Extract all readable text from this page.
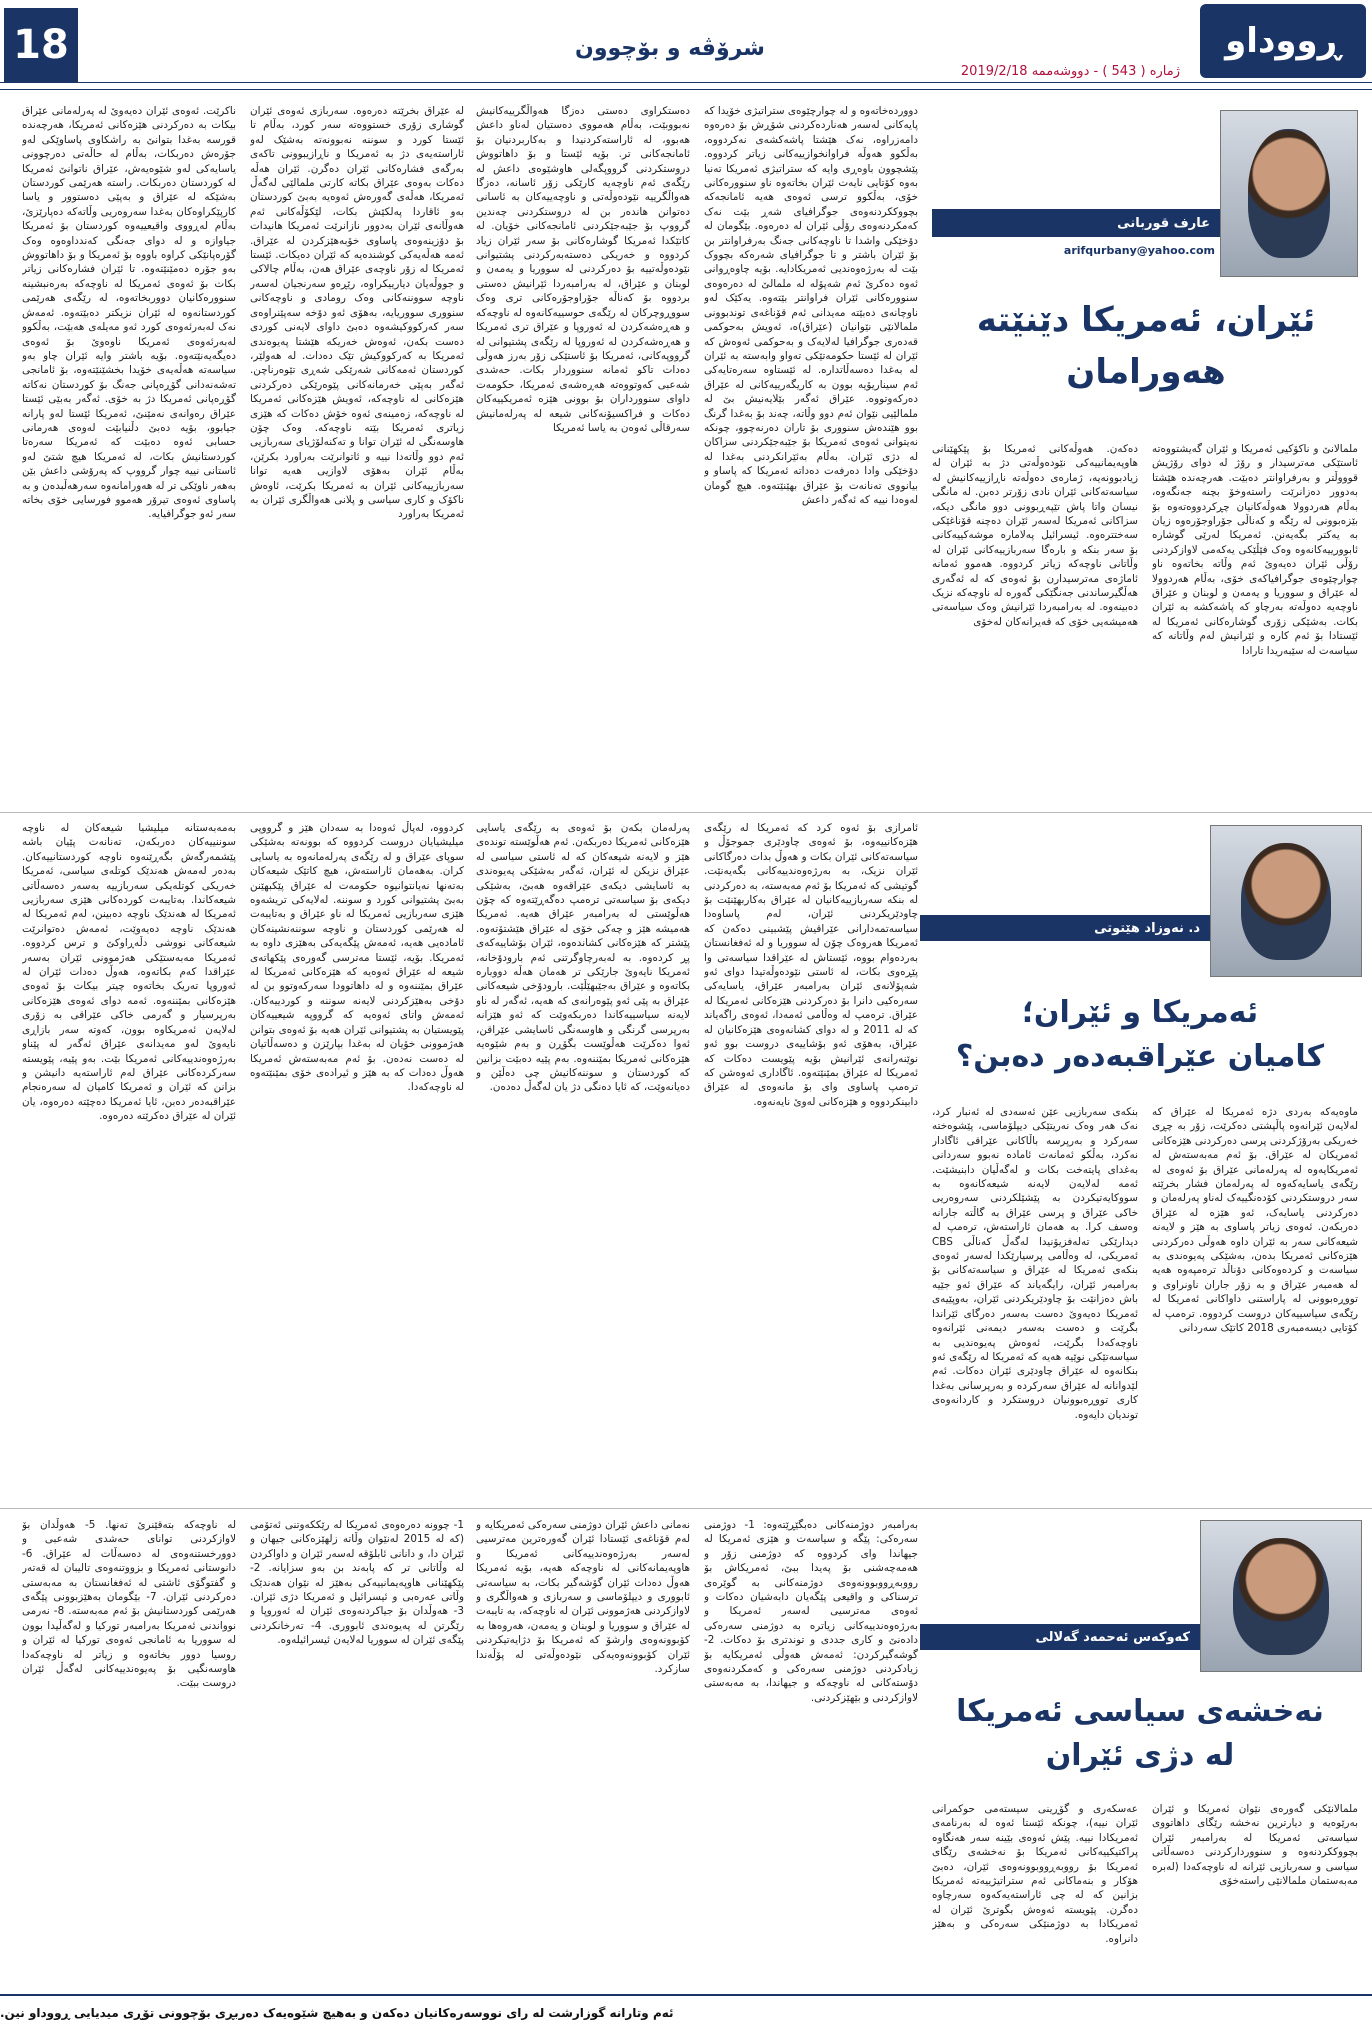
18	شرۆڤە و بۆچوون
ژمارە ( 543 ) - دووشەممە 2019/2/18
ڕووداو
عارف قوربانی
arifqurbany@yahoo.com
ئێران، ئەمریکا دێنێتە
هەورامان
ملمالانێ و ناکۆکیی ئەمریکا و ئێران گەیشتووەتە ئاستێکی مەترسیدار و رۆژ لە دوای رۆژیش قوووڵتر و بەرفراوانتر دەبێت. هەرچەندە هێشتا بەدوور دەزانرێت راستەوخۆ بچنە جەنگەوە، بەڵام هەردوولا هەوڵەکانیان چڕکردووەتەوە بۆ بێزەبوونی لە رێگە و کەناڵی جۆراوجۆرەوە زیان بە یەکتر بگەیەنن. ئەمریکا لەرێی گوشارە ئابوورییەکانەوە وەک فێڵێکی یەکەمی لاوازکردنی رۆڵی ئێران دەیەوێ ئەم وڵاتە بخاتەوە ناو چوارچێوەی جوگرافیاکەی خۆی، بەڵام هەردوولا لە عێراق و سووریا و یەمەن و لوبنان و عێراق ناوچەیە دەوڵەتە بەرچاو کە پاشەکشە بە ئێران بکات. بەشێکی زۆری گوشارەکانی ئەمریکا لە ئێستادا بۆ ئەم کارە و ئێرانیش لەم وڵاتانە کە سیاسەت لە سێبەریدا تارادا
دەکەن. هەوڵەکانی ئەمریکا بۆ پێکهێنانی هاوپەیمانییەکی نێودەوڵەتی دژ بە ئێران لە زیادبوونەیە، ژمارەی دەوڵەتە ناڕازییەکانیش لە سیاسەتەکانی ئێران نادی زۆرتر دەبن. لە مانگی نیسان واتا پاش تێپەڕبوونی دوو مانگی دیکە، سزاکانی ئەمریکا لەسەر ئێران دەچنە قۆناغێکی سەختترەوە. ئیسرائیل پەلامارە موشەکییەکانی بۆ سەر بنکە و بارەگا سەربازییەکانی ئێران لە وڵاتانی ناوچەکە زیاتر کردووە. هەموو ئەمانە ئاماژەی مەترسیدارن بۆ ئەوەی کە لە ئەگەری هەڵگیرساندنی جەنگێکی گەورە لە ناوچەکە نزیک دەبینەوە. لە بەرامبەردا ئێرانیش وەک سیاسەتی هەمیشەیی خۆی کە قەیرانەکان لەخۆی
دووردەخاتەوە و لە چوارچێوەی ستراتیژی خۆیدا کە پایەکانی لەسەر هەناردەکردنی شۆڕش بۆ دەرەوە دامەزراوە، نەک هێشتا پاشەکشەی نەکردووە، بەڵکوو هەوڵە فراوانخوازییەکانی زیاتر کردووە. پێشچوون باوەڕی وایە کە ستراتیژی ئەمریکا تەنیا بەوە کۆتایی نایەت ئێران بخاتەوە ناو سنوورەکانی خۆی، بەڵکوو ترسی ئەوەی هەیە ئامانجەکە بچووککردنەوەی جوگرافیای شەڕ بێت نەک کەمکردنەوەی رۆڵی ئێران لە دەرەوە. بێگومان لە دۆخێکی واشدا تا ناوچەکانی جەنگ بەرفراوانتر بن بۆ ئێران باشتر و تا جوگرافیای شەرەکە بچووک بێت لە بەرژەوەندیی ئەمریکادایە. بۆیە چاوەڕوانی ئەوە دەکرێ ئەم شەپۆلە لە ملمالێ لە دەرەوەی سنوورەکانی ئێران فراوانتر بێتەوە. یەکێک لەو ناوچانەی دەبێتە مەیدانی ئەم قۆناغەی توندبوونی ملمالانێی نێوانیان (عێراق)ە، ئەویش بەحوکمی قەدەری جوگرافیا لەلایەک و بەحوکمی ئەوەش کە ئێران لە ئێستا حکومەتێکی تەواو وابەستە بە ئێران لە بەغدا دەسەڵاتدارە. لە ئێستاوە سەرەتایەکی ئەم سیناریۆیە بوون بە کاریگەرییەکانی لە عێراق دەرکەوتووە. عێراق ئەگەر بێلایەنیش بێ لە ملمالێیی نێوان ئەم دوو وڵاتە، چەند بۆ بەغدا گرنگ بوو هێندەش سنووری بۆ تاران دەرنەچوو، چونکە نەیتوانی ئەوەی ئەمریکا بۆ جێبەجێکردنی سزاکان لە دژی ئێران. بەڵام بەئێرانکردنی بەغدا لە دۆخێکی وادا دەرفەت دەداتە ئەمریکا کە پاساو و بیانووی تەنانەت بۆ عێراق بهێنێتەوە. هیچ گومان لەوەدا نییە کە ئەگەر داعش
دەستکراوی دەستی دەزگا هەواڵگرییەکانیش نەبووبێت، بەڵام هەمووی دەستیان لەناو داعش هەبوو، لە ئاراستەکردنیدا و بەکاربردنیان بۆ ئامانجەکانی تر. بۆیە ئێستا و بۆ داهاتووش دروستکردنی گرووپگەلی هاوشێوەی داعش لە رێگەی ئەم ناوچەیە کارێکی زۆر ئاسانە، دەزگا هەواڵگرییە نێودەوڵەتی و ناوچەییەکان بە ئاسانی دەتوانن هاندەر بن لە دروستکردنی چەندین گرووپ بۆ جێبەجێکردنی ئامانجەکانی خۆیان. لە کاتێکدا ئەمریکا گوشارەکانی بۆ سەر ئێران زیاد کردووە و خەریکی دەستەبەرکردنی پشتیوانی نێودەوڵەتییە بۆ دەرکردنی لە سووریا و یەمەن و لوبنان و عێراق، لە بەرامبەردا ئێرانیش دەستی بردووە بۆ کەناڵە جۆراوجۆرەکانی تری وەک سووڕوچرکان لە رێگەی حوسییەکانەوە لە ناوچەکە و هەڕەشەکردن لە ئەوروپا و عێراق تری ئەمریکا و هەڕەشەکردن لە ئەوروپا لە رێگەی پشتیوانی لە گرووپەکانی، ئەمریکا بۆ ئاستێکی زۆر بەرز هەوڵی دەدات تاکو ئەمانە سنووردار بکات. حەشدی شەعبی کەوتووەتە هەڕەشەی ئەمریکا، حکومەت داوای سنوورداران بۆ بوونی هێزە ئەمریکییەکان دەکات و فراکسیۆنەکانی شیعە لە پەرلەمانیش سەرقاڵی ئەوەن بە یاسا ئەمریکا
لە عێراق بخرێتە دەرەوە. سەربازی ئەوەی ئێران گوشاری زۆری خستووەتە سەر کورد، بەڵام تا ئێستا کورد و سوننە نەبوونەتە بەشێک لەو ئاراستەیەی دژ بە ئەمریکا و ناڕازیبوونی تاکەی بەرگەی فشارەکانی ئێران دەگرن. ئێران هەڵە دەکات بەوەی عێراق بکاتە کارتی ملمالێی لەگەڵ ئەمریکا، هەڵەی گەورەش ئەوەیە بەبێ کوردستان بەو ئاقاردا پەلکێش بکات، لێکۆڵەکانی ئەم هەوڵانەی ئێران بەدوور نازانرێت ئەمریکا هانیدات بۆ دۆزینەوەی پاساوی خۆبەهێزکردن لە عێراق. ئەمە هەڵەیەکی کوشندەیە کە ئێران دەیکات. ئێستا ئەمریکا لە زۆر ناوچەی عێراق هەن، بەڵام چالاکی و جووڵەیان دیارییکراوە، رێڕەو سەرنجیان لەسەر ناوچە سووننەکانی وەک رومادی و ناوچەکانی سنووری سووریایە، بەهۆی ئەو دۆخە سەپێنراوەی سەر کەرکووکیشەوە دەبێ داوای لایەنی کوردی دەست بکەن، ئەوەش خەریکە هێشتا پەیوەندی ئەمریکا بە کەرکووکیش تێک دەدات. لە هەولێر، کوردستان ئەمەکانی شەرێکی شەڕی تێوەرناچن. ئەگەر بەپێی خەرمانەکانی پێوەرێکی دەرکردنی هێزەکانی لە ناوچەکە، ئەویش هێزەکانی ئەمریکا لە ناوچەکە، زەمینەی ئەوە خۆش دەکات کە هێزی زیاتری ئەمریکا بێتە ناوچەکە. وەک چۆن هاوسەنگی لە ئێران توانا و تەکنەلۆژیای سەربازیی ئەم دوو وڵاتەدا نییە و ئاتوانرێت بەراورد بکرێن، بەڵام ئێران بەهۆی لاوازیی هەیە توانا سەربازییەکانی ئێران بە ئەمریکا بکرێت، ئاوەش ناکۆک و کاری سیاسی و پلانی هەواڵگری ئێران بە ئەمریکا بەراورد
ناکرێت. ئەوەی ئێران دەیەوێ لە پەرلەمانی عێراق بیکات بە دەرکردنی هێزەکانی ئەمریکا، هەرچەندە قورسە بەغدا بتوانێ بە راشکاوی پاساوێکی لەو جۆرەش دەربکات، بەڵام لە حاڵەتی دەرچوونی یاسایەکی لەو شێوەیەش، عێراق ناتوانێ ئەمریکا لە کوردستان دەربکات. راستە هەرێمی کوردستان بەشێکە لە عێراق و بەپێی دەستوور و یاسا کارپێکراوەکان بەغدا سەروەریی وڵاتەکە دەپارێزێ، بەڵام لەڕووی واقیعییەوە کوردستان بۆ ئەمریکا جیاوازە و لە دوای جەنگی کەندداوەوە وەک گۆرەپانێکی کراوە باووە بۆ ئەمریکا و بۆ داهاتووش بەو جۆرە دەمێنێتەوە. تا ئێران فشارەکانی زیاتر بکات بۆ ئەوەی ئەمریکا لە ناوچەکە بەرەنبشینە سنوورەکانیان دووربخاتەوە، لە رێگەی هەرێمی کوردستانەوە لە ئێران نزیکتر دەبێتەوە. ئەمەش نەک لەبەرئەوەی کورد ئەو مەیلەی هەبێت، بەڵکوو لەبەرئەوەی ئەمریکا ناوەوێ بۆ ئەوەی دەیگەیەنێتەوە. بۆیە باشتر وایە ئێران چاو بەو سیاسەتە هەڵەیەی خۆیدا بخشێنێتەوە، بۆ ئامانجی تەشەنەدانی گۆڕەپانی جەنگ بۆ کوردستان نەکاتە گۆڕەپانی ئەمریکا دژ بە خۆی. ئەگەر بەبێی ئێستا عێراق رەوانەی نەمێنێ، ئەمریکا ئێستا لەو پارانە جیابوو، بۆیە دەبێ دڵنیابێت لەوەی هەرمانی حسابی ئەوە دەبێت کە ئەمریکا سەرەتا کوردستانیش بکات، لە ئەمریکا هیچ شتێ لەو ئاستانی نییە چوار گرووپ کە پەرۆشی داعش بێن بەهەر ناوێکی تر لە هەورامانەوە سەرهەڵبدەن و بە پاساوی ئەوەی تیرۆر هەموو فورسایی خۆی بخاتە سەر ئەو جوگرافیایە.
د. نەوزاد هێتوتی
ئەمریکا و ئێران؛
کامیان عێراقبەدەر دەبن؟
ماوەیەکە بەردی دژە ئەمریکا لە عێراق کە لەلایەن ئێرانەوە پاڵپشتی دەکرێت، زۆر بە چڕی خەریکی بەرۆژکردنی پرسی دەرکردنی هێزەکانی ئەمریکان لە عێراق. بۆ ئەم مەبەستەش لە ئەمریکایەوە لە پەرلەمانی عێراق بۆ ئەوەی لە رێگەی یاسایەکەوە لە پەرلەمان فشار بخرێتە سەر دروستکردنی کۆدەنگییەک لەناو پەرلەمان و دەرکردنی یاسایەک، ئەو هێزە لە عێراق دەربکەن. ئەوەی زیاتر پاساوی بە هێز و لایەنە شیعەکانی سەر بە ئێران داوە هەوڵی دەرکردنی هێزەکانی ئەمریکا بدەن، بەشێکی پەیوەندی بە سیاسەت و کردەوەکانی دۆناڵد ترەمپەوە هەیە لە هەمبەر عێراق و بە زۆر جاران ناونراوی و تووڕەبوونی لە پاراستنی داواکانی ئەمریکا لە رێگەی سیاسییەکان دروست کردووە. ترەمپ لە کۆتایی دیسەمبەری 2018 کاتێک سەردانی
بنکەی سەربازیی عێن ئەسەدی لە ئەنبار کرد، نەک هەر وەک نەریتێکی دیپلۆماسی، پێشوەختە سەرکرد و بەرپرسە باڵاکانی عێراقی ئاگادار نەکرد، بەڵکو ئەمانەت ئامادە نەبوو سەردانی بەغدای پایتەخت بکات و لەگەڵیان دابنیشێت. ئەمە لەلایەن لایەنە شیعەکانەوە بە سووکایەتیکردن بە پێشێلکردنی سەروەریی خاکی عێراق و پرسی عێراق بە گاڵتە جارانە وەسف کرا. بە هەمان ئاراستەش، ترەمپ لە دیدارێکی تەلەفزیۆنیدا لەگەڵ کەناڵی CBS ئەمریکی، لە وەڵامی پرسیارێکدا لەسەر ئەوەی بنکەی ئەمریکا لە عێراق و سیاسەتەکانی بۆ بەرامبەر ئێران، رایگەیاند کە عێراق ئەو جێیە باش دەزانێت بۆ چاودێریکردنی ئێران، بەوپێیەی ئەمریکا دەیەوێ دەست بەسەر دەرگای ئێراندا بگرێت و دەست بەسەر دیمەنی ئێرانەوە ناوچەکەدا بگرێت، ئەوەش پەیوەندیی بە سیاسەتێکی نوێیە هەیە کە ئەمریکا لە رێگەی ئەو بنکانەوە لە عێراق چاودێری ئێران دەکات. ئەم لێدوانانە لە عێراق سەرکردە و بەرپرسانی بەغدا کاری تووڕەبوونیان دروستکرد و کاردانەوەی توندیان دایەوە.
ئامرازی بۆ ئەوە کرد کە ئەمریکا لە رێگەی هێزەکانییەوە، بۆ ئەوەی چاودێری جموجۆڵ و سیاسەتەکانی ئێران بکات و هەوڵ بدات دەرگاکانی ئێران نزیک، بە بەرژەوەندییەکانی بگەیەنێت. گوتیشی کە ئەمریکا بۆ ئەم مەبەستە، بە دەرکردنی لە بنکە سەربازییەکانیان لە عێراق بەکاربهێنێت بۆ چاودێریکردنی ئێران، لەم پاساوەدا سیاسەتمەدارانی عێراقیش پێشبینی دەکەن کە ئەمریکا هەروەک چۆن لە سووریا و لە ئەفغانستان بەردەوام بووە، ئێستاش لە عێراقدا سیاسەتی وا پێڕەوی بکات، لە ئاستی نێودەوڵەتیدا دوای ئەو شەپۆلانەی ئێران بەرامبەر عێراق، یاسایەکی سەرەکیی دانرا بۆ دەرکردنی هێزەکانی ئەمریکا لە عێراق. ترەمپ لە وەڵامی ئەمەدا، ئەوەی راگەیاند کە لە 2011 و لە دوای کشانەوەی هێزەکانیان لە عێراق، بەهۆی ئەو بۆشاییەی دروست بوو ئەو نوێنەرانەی ئێرانیش بۆیە پێویست دەکات کە ئەمریکا لە عێراق بمێنێتەوە. ئاگاداری ئەوەشن کە ترەمپ پاساوی وای بۆ مانەوەی لە عێراق دابینکردووە و هێزەکانی لەوێ نایەنەوە.
پەرلەمان بکەن بۆ ئەوەی بە رێگەی یاسایی هێزەکانی ئەمریکا دەربکەن. ئەم هەڵوێستە توندەی هێز و لایەنە شیعەکان کە لە ئاستی سیاسی لە عێراق نزیکن لە ئێران، ئەگەر بەشێکی پەیوەندی بە ئاسایشی دیکەی عێراقەوە هەبێ، بەشێکی دیکەی بۆ سیاسەتی ترەمپ دەگەڕێتەوە کە چۆن هەڵوێستی لە بەرامبەر عێراق هەیە. ئەمریکا هەمیشە هێز و چەکی خۆی لە عێراق هێشتۆتەوە. پێشتر کە هێزەکانی کشاندەوە، ئێران بۆشاییەکەی پڕ کردەوە. بە لەبەرچاوگرتنی ئەم بارودۆخانە، ئەمریکا نایەوێ جارێکی تر هەمان هەڵە دووبارە بکاتەوە و عێراق بەجێبهێڵێت. بارودۆخی شیعەکانی عێراق بە پێی ئەو پێوەرانەی کە هەیە، ئەگەر لە ناو لایەنە سیاسییەکاندا دەربکەوێت کە ئەو هێزانە بەرپرسی گرنگی و هاوسەنگی ئاسایشی عێراقن، ئەوا دەکرێت هەڵوێست بگۆڕن و بەم شێوەیە هێزەکانی ئەمریکا بمێننەوە. بەم پێیە دەبێت بزانین کە کوردستان و سوننەکانیش چی دەڵێن و دەیانەوێت، کە ئایا دەنگی دژ یان لەگەڵ دەدەن.
کردووە، لەپاڵ ئەوەدا بە سەدان هێز و گرووپی میلیشیایان دروست کردووە کە بوونەتە بەشێکی سوپای عێراق و لە رێگەی پەرلەمانەوە بە یاسایی کران. بەهەمان ئاراستەش، هیچ کاتێک شیعەکان بەتەنها نەیانتوانیوە حکومەت لە عێراق پێکبهێنن بەبێ پشتیوانی کورد و سوننە. لەلایەکی تریشەوە هێزی سەربازیی ئەمریکا لە ناو عێراق و بەتایبەت لە هەرێمی کوردستان و ناوچە سوننەنشینەکان ئامادەیی هەیە، ئەمەش پێگەیەکی بەهێزی داوە بە ئەمریکا. بۆیە، ئێستا مەترسی گەورەی پێکهاتەی شیعە لە عێراق ئەوەیە کە هێزەکانی ئەمریکا لە عێراق بمێننەوە و لە داهاتوودا سەرکەوتوو بن لە دۆخی بەهێزکردنی لایەنە سوننە و کوردییەکان. ئەمەش واتای ئەوەیە کە گرووپە شیعییەکان پێویستیان بە پشتیوانی ئێران هەیە بۆ ئەوەی بتوانن هەژموونی خۆیان لە بەغدا بپارێزن و دەسەڵاتیان لە دەست نەدەن. بۆ ئەم مەبەستەش ئەمریکا هەوڵ دەدات کە بە هێز و ئیرادەی خۆی بمێنێتەوە لە ناوچەکەدا.
بەمەبەستانە میلیشیا شیعەکان لە ناوچە سوننییەکان دەربکەن، تەنانەت پێیان باشە پێشمەرگەش بگەڕێنەوە ناوچە کوردستانییەکان. بەدەر لەمەش هەندێک کوتلەی سیاسی، ئەمریکا خەریکی کوتلەیکی سەربازییە بەسەر دەسەڵاتی شیعەکاندا. بەتایبەت کوردەکانی هێزی سەربازیی ئەمریکا لە هەندێک ناوچە دەبینن، لەم ئەمریکا لە هەندێک ناوچە دەیەوێت، ئەمەش دەتوانرێت شیعەکانی نووشی دڵەڕاوکێ و ترس کردووە. ئەمریکا مەبەستێکی هەژموونی ئێران بەسەر عێراقدا کەم بکاتەوە، هەوڵ دەدات ئێران لە ئەوروپا تەریک بخاتەوە چیتر بیکات بۆ ئەوەی هێزەکانی بمێننەوە. ئەمە دوای ئەوەی هێزەکانی بەرپرسیار و گەرمی خاکی عێراقی بە زۆری لەلایەن ئەمریکاوە بوون، کەوتە سەر بازاڕی نایەوێ لەو مەیدانەی عێراق ئەگەر لە پێناو بەرژەوەندییەکانی ئەمریکا بێت. بەو پێیە، پێویستە سەرکردەکانی عێراق لەم ئاراستەیە دانیشن و بزانن کە ئێران و ئەمریکا کامیان لە سەرەنجام عێراقبەدەر دەبن، ئایا ئەمریکا دەچێتە دەرەوە، یان ئێران لە عێراق دەکرێتە دەرەوە.
کەوکەس ئەحمەد گەلالی
نەخشەی سیاسی ئەمریکا
لە دژی ئێران
ملمالانێکی گەورەی نێوان ئەمریکا و ئێران بەرێوەیە و دیارترین نەخشە رێگای داهاتووی سیاسەتی ئەمریکا لە بەرامبەر ئێران بچووککردنەوە و سنووردارکردنی دەسەڵاتی سیاسی و سەربازیی ئێرانە لە ناوچەکەدا (لەبرە مەبەستمان ملمالانێی راستەخۆی
عەسکەری و گۆڕینی سیستەمی حوکمرانی ئێران نییە)، چونکە ئێستا ئەوە لە بەرنامەی ئەمریکادا نییە. پێش ئەوەی بێینە سەر هەنگاوە پراکتیکییەکانی ئەمریکا بۆ نەخشەی رێگای ئەمریکا بۆ رووبەڕووبوونەوەی ئێران، دەبێ هۆکار و بنەماکانی ئەم ستراتیژییەتە ئەمریکا بزانین کە لە چی ئاراستەیەکەوە سەرچاوە دەگرن. پێویستە ئەوەش بگوترێ ئێران لە ئەمریکادا بە دوژمنێکی سەرەکی و بەهێز دانراوە.
بەرامبەر دوژمنەکانی دەبگێڕێتەوە: 1- دوژمنی سەرەکی: پێگە و سیاسەت و هێزی ئەمریکا لە جیهاندا وای کردووە کە دوژمنی زۆر و هەمەچەشنی بۆ پەیدا ببێ، ئەمریکاش بۆ رووبەڕووبوونەوەی دوژمنەکانی بە گوێرەی ترسناکی و واقیعی پێگەیان دابەشیان دەکات و ئەوەی مەترسیی لەسەر ئەمریکا و بەرژەوەندییەکانی زیاترە بە دوژمنی سەرەکی دادەنێ و کاری جددی و توندتری بۆ دەکات. 2- گوشەگیرکردن: ئەمەش هەوڵی ئەمریکایە بۆ زیادکردنی دوژمنی سەرەکی و کەمکردنەوەی دۆستەکانی لە ناوچەکە و جیهاندا، بە مەبەستی لاوازکردنی و بێهێزکردنی.
نەمانی داعش ئێران دوژمنی سەرەکی ئەمریکایە و لەم قۆناغەی ئێستادا ئێران گەورەترین مەترسیی لەسەر بەرژەوەندییەکانی ئەمریکا و هاوپەیمانەکانی لە ناوچەکە هەیە، بۆیە ئەمریکا هەوڵ دەدات ئێران گۆشەگیر بکات، بە سیاسەتی ئابووری و دیپلۆماسی و سەربازی و هەواڵگری و لاوازکردنی هەژموونی ئێران لە ناوچەکە، بە تایبەت لە عێراق و سووریا و لوبنان و یەمەن، هەروەها بە کۆبوونەوەی وارشۆ کە ئەمریکا بۆ دژایەتیکردنی ئێران کۆبوونەوەیەکی نێودەوڵەتی لە پۆڵەندا سازکرد.
1- چوونە دەرەوەی ئەمریکا لە رێککەوتنی ئەتۆمی (کە لە 2015 لەنێوان وڵاتە زلهێزەکانی جیهان و ئێران دا، و دانانی ئابلۆقە لەسەر ئێران و داواکردن لە وڵاتانی تر کە پابەند بن بەو سزایانە. 2- پێکهێنانی هاوپەیمانییەکی بەهێز لە نێوان هەندێک وڵاتی عەرەبی و ئیسرائیل و ئەمریکا دژی ئێران. 3- هەوڵدان بۆ جیاکردنەوەی ئێران لە ئەوروپا و رێگرتن لە پەیوەندی ئابووری. 4- تەرخانکردنی پێگەی ئێران لە سووریا لەلایەن ئیسرائیلەوە.
لە ناوچەکە بتەقێنرێ تەنها. 5- هەوڵدان بۆ لاوازکردنی توانای حەشدی شەعبی و دوورخستنەوەی لە دەسەڵات لە عێراق. 6- دانوستانی ئەمریکا و بزووتنەوەی تالیبان لە قەتەر و گفتوگۆی ئاشتی لە ئەفغانستان بە مەبەستی دەرکردنی ئێران. 7- بێگومان بەهێزبوونی پێگەی هەرێمی کوردستانیش بۆ ئەم مەبەستە. 8- نەرمی نوواندنی ئەمریکا بەرامبەر تورکیا و لەگەڵیدا بوون لە سووریا بە ئامانجی ئەوەی تورکیا لە ئێران و روسیا دوور بخاتەوە و زیاتر لە ناوچەکەدا هاوسەنگیی بۆ پەیوەندییەکانی لەگەڵ ئێران دروست ببێت.
ئەم وتارانە گوزارشت لە رای نووسەرەکانیان دەکەن و بەهیچ شێوەیەک دەربڕی بۆچوونی تۆڕی میدیایی ڕووداو نین.
